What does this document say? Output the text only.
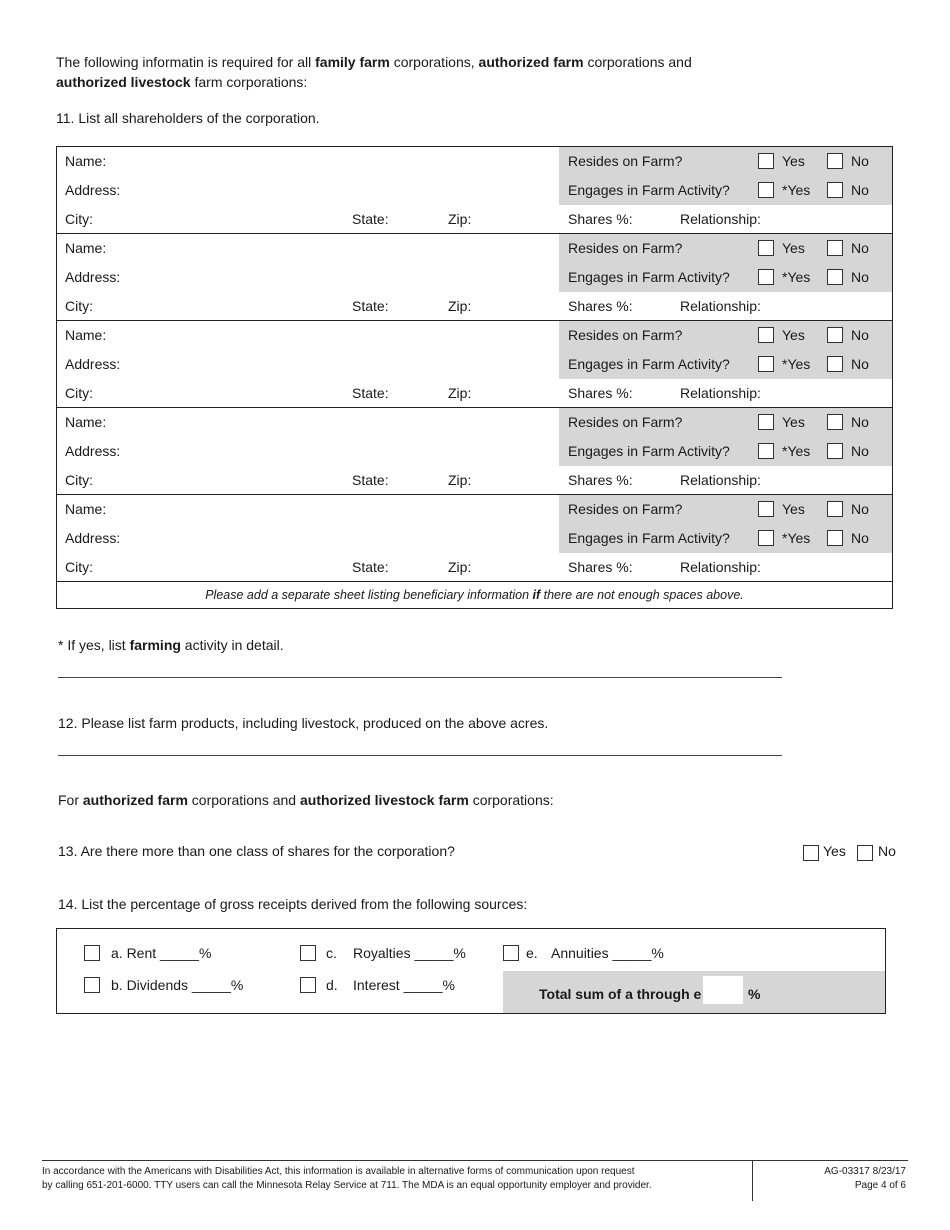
The following informatin is required for all family farm corporations, authorized farm corporations and
authorized livestock farm corporations:
11. List all shareholders of the corporation.
Name:
Address:
City:	State:	Zip:
Resides on Farm?	Yes	No
Engages in Farm Activity?	*Yes	No
Shares %:	Relationship:
Name:
Address:
City:	State:	Zip:
Resides on Farm?	Yes	No
Engages in Farm Activity?	*Yes	No
Shares %:	Relationship:
Name:
Address:
City:	State:	Zip:
Resides on Farm?	Yes	No
Engages in Farm Activity?	*Yes	No
Shares %:	Relationship:
Name:
Address:
City:	State:	Zip:
Resides on Farm?	Yes	No
Engages in Farm Activity?	*Yes	No
Shares %:	Relationship:
Name:
Address:
City:	State:	Zip:
Resides on Farm?	Yes	No
Engages in Farm Activity?	*Yes	No
Shares %:	Relationship:
Please add a separate sheet listing beneficiary information if there are not enough spaces above.
* If yes, list farming activity in detail.
12. Please list farm products, including livestock, produced on the above acres.
For authorized farm corporations and authorized livestock farm corporations:
13. Are there more than one class of shares for the corporation?	Yes No
14. List the percentage of gross receipts derived from the following sources:
a. Rent _____%
b. Dividends _____%
c. Royalties _____%
d. Interest _____%
e. Annuities _____%
Total sum of a through e	%
In accordance with the Americans with Disabilities Act, this information is available in alternative forms of communication upon request
by calling 651-201-6000. TTY users can call the Minnesota Relay Service at 711. The MDA is an equal opportunity employer and provider.
AG-03317 8/23/17
Page 4 of 6
